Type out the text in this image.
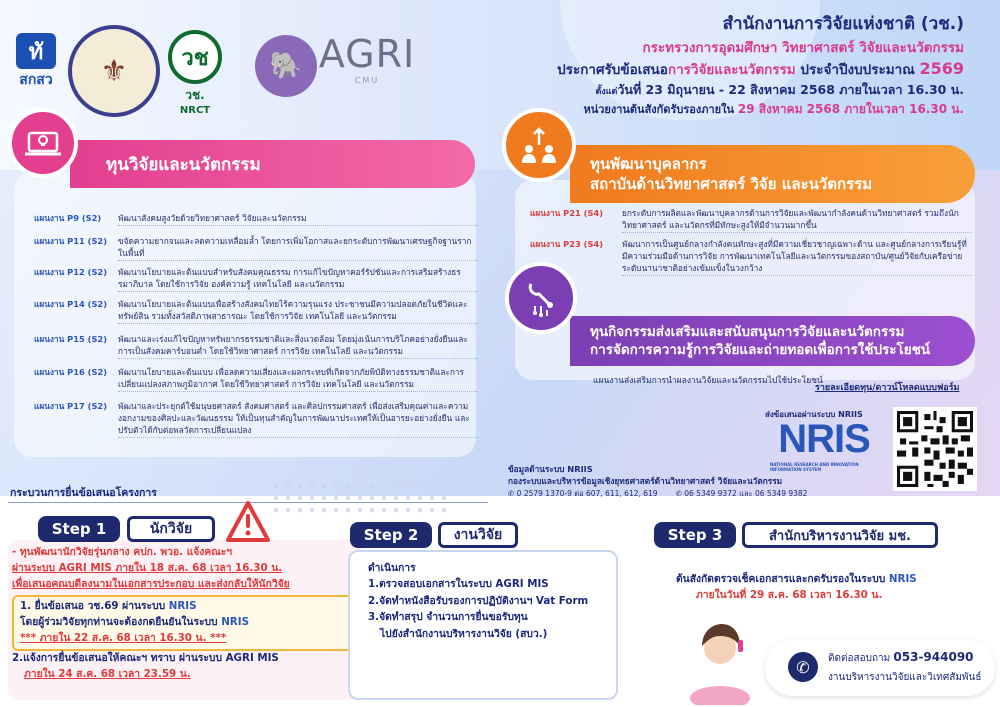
ทั
สกสว	⚜	วช
วช.
NRCT
🐘 AGRI
CMU
สำนักงานการวิจัยแห่งชาติ (วช.)
กระทรวงการอุดมศึกษา วิทยาศาสตร์ วิจัยและนวัตกรรม
ประกาศรับข้อเสนอการวิจัยและนวัตกรรม ประจำปีงบประมาณ 2569
ตั้งแต่วันที่ 23 มิถุนายน - 22 สิงหาคม 2568 ภายในเวลา 16.30 น.
หน่วยงานต้นสังกัดรับรองภายใน 29 สิงหาคม 2568 ภายในเวลา 16.30 น.
ทุนวิจัยและนวัตกรรม
แผนงาน P9 (S2)	พัฒนาสังคมสูงวัยด้วยวิทยาศาสตร์ วิจัยและนวัตกรรม
แผนงาน P11 (S2)	ขจัดความยากจนและลดความเหลื่อมล้ำ โดยการเพิ่มโอกาสและยกระดับการพัฒนาเศรษฐกิจฐานรากในพื้นที่
แผนงาน P12 (S2)	พัฒนานโยบายและต้นแบบสำหรับสังคมคุณธรรม การแก้ไขปัญหาคอร์รัปชันและการเสริมสร้างธรรมาภิบาล โดยใช้การวิจัย องค์ความรู้ เทคโนโลยี และนวัตกรรม
แผนงาน P14 (S2)	พัฒนานโยบายและต้นแบบเพื่อสร้างสังคมไทยไร้ความรุนแรง ประชาชนมีความปลอดภัยในชีวิตและทรัพย์สิน รวมทั้งสวัสดิภาพสาธารณะ โดยใช้การวิจัย เทคโนโลยี และนวัตกรรม
แผนงาน P15 (S2)	พัฒนาและเร่งแก้ไขปัญหาทรัพยากรธรรมชาติและสิ่งแวดล้อม โดยมุ่งเน้นการบริโภคอย่างยั่งยืนและการเป็นสังคมคาร์บอนต่ำ โดยใช้วิทยาศาสตร์ การวิจัย เทคโนโลยี และนวัตกรรม
แผนงาน P16 (S2)	พัฒนานโยบายและต้นแบบ เพื่อลดความเสี่ยงและผลกระทบที่เกิดจากภัยพิบัติทางธรรมชาติและการเปลี่ยนแปลงสภาพภูมิอากาศ โดยใช้วิทยาศาสตร์ การวิจัย เทคโนโลยี และนวัตกรรม
แผนงาน P17 (S2)	พัฒนาและประยุกต์ใช้มนุษยศาสตร์ สังคมศาสตร์ และศิลปกรรมศาสตร์ เพื่อส่งเสริมคุณค่าและความงอกงามของศิลปะและวัฒนธรรม ให้เป็นทุนสำคัญในการพัฒนาประเทศให้เป็นอารยะอย่างยั่งยืน และปรับตัวได้กับต่อพลวัตการเปลี่ยนแปลง
ทุนพัฒนาบุคลากร
สถาบันด้านวิทยาศาสตร์ วิจัย และนวัตกรรม
แผนงาน P21 (S4)	ยกระดับการผลิตและพัฒนาบุคลากรด้านการวิจัยและพัฒนากำลังคนด้านวิทยาศาสตร์ รวมถึงนักวิทยาศาสตร์ และนวัตกรที่มีทักษะสูงให้มีจำนวนมากขึ้น
แผนงาน P23 (S4)	พัฒนาการเป็นศูนย์กลางกำลังคนทักษะสูงที่มีความเชี่ยวชาญเฉพาะด้าน และศูนย์กลางการเรียนรู้ที่มีความร่วมมือด้านการวิจัย การพัฒนาเทคโนโลยีและนวัตกรรมของสถาบัน/ศูนย์วิจัยกับเครือข่ายระดับนานาชาติอย่างเข้มแข็งในวงกว้าง
ทุนกิจกรรมส่งเสริมและสนับสนุนการวิจัยและนวัตกรรม
การจัดการความรู้การวิจัยและถ่ายทอดเพื่อการใช้ประโยชน์
แผนงานส่งเสริมการนำผลงานวิจัยและนวัตกรรมไปใช้ประโยชน์
รายละเอียดทุน/ดาวน์โหลดแบบฟอร์ม
ส่งข้อเสนอผ่านระบบ NRIIS
NRIS
NATIONAL RESEARCH AND INNOVATION INFORMATION SYSTEM
ข้อมูลด้านระบบ NRIIS
กองระบบและบริหารข้อมูลเชิงยุทธศาสตร์ด้านวิทยาศาสตร์ วิจัยและนวัตกรรม
✆ 0 2579 1370-9 ต่อ 607, 611, 612, 619 ✆ 06 5349 9372 และ 06 5349 9382
กระบวนการยื่นข้อเสนอโครงการ
Step 1	นักวิจัย
- ทุนพัฒนานักวิจัยรุ่นกลาง คปก. พวอ. แจ้งคณะฯ
ผ่านระบบ AGRI MIS ภายใน 18 ส.ค. 68 เวลา 16.30 น.
เพื่อเสนอคณบดีลงนามในเอกสารประกอบ และส่งกลับให้นักวิจัย
1. ยื่นข้อเสนอ วช.69 ผ่านระบบ NRIS
โดยผู้ร่วมวิจัยทุกท่านจะต้องกดยืนยันในระบบ NRIS
*** ภายใน 22 ส.ค. 68 เวลา 16.30 น. ***
2.แจ้งการยื่นข้อเสนอให้คณะฯ ทราบ ผ่านระบบ AGRI MIS
ภายใน 24 ส.ค. 68 เวลา 23.59 น.
Step 2	งานวิจัย
ดำเนินการ
1.ตรวจสอบเอกสารในระบบ AGRI MIS
2.จัดทำหนังสือรับรองการปฏิบัติงานฯ Vat Form
3.จัดทำสรุป จำนวนการยื่นขอรับทุน
ไปยังสำนักงานบริหารงานวิจัย (สบว.)
Step 3	สำนักบริหารงานวิจัย มช.
ต้นสังกัดตรวจเช็คเอกสารและกดรับรองในระบบ NRIS
ภายในวันที่ 29 ส.ค. 68 เวลา 16.30 น.
✆	ติดต่อสอบถาม 053-944090
งานบริหารงานวิจัยและวิเทศสัมพันธ์
